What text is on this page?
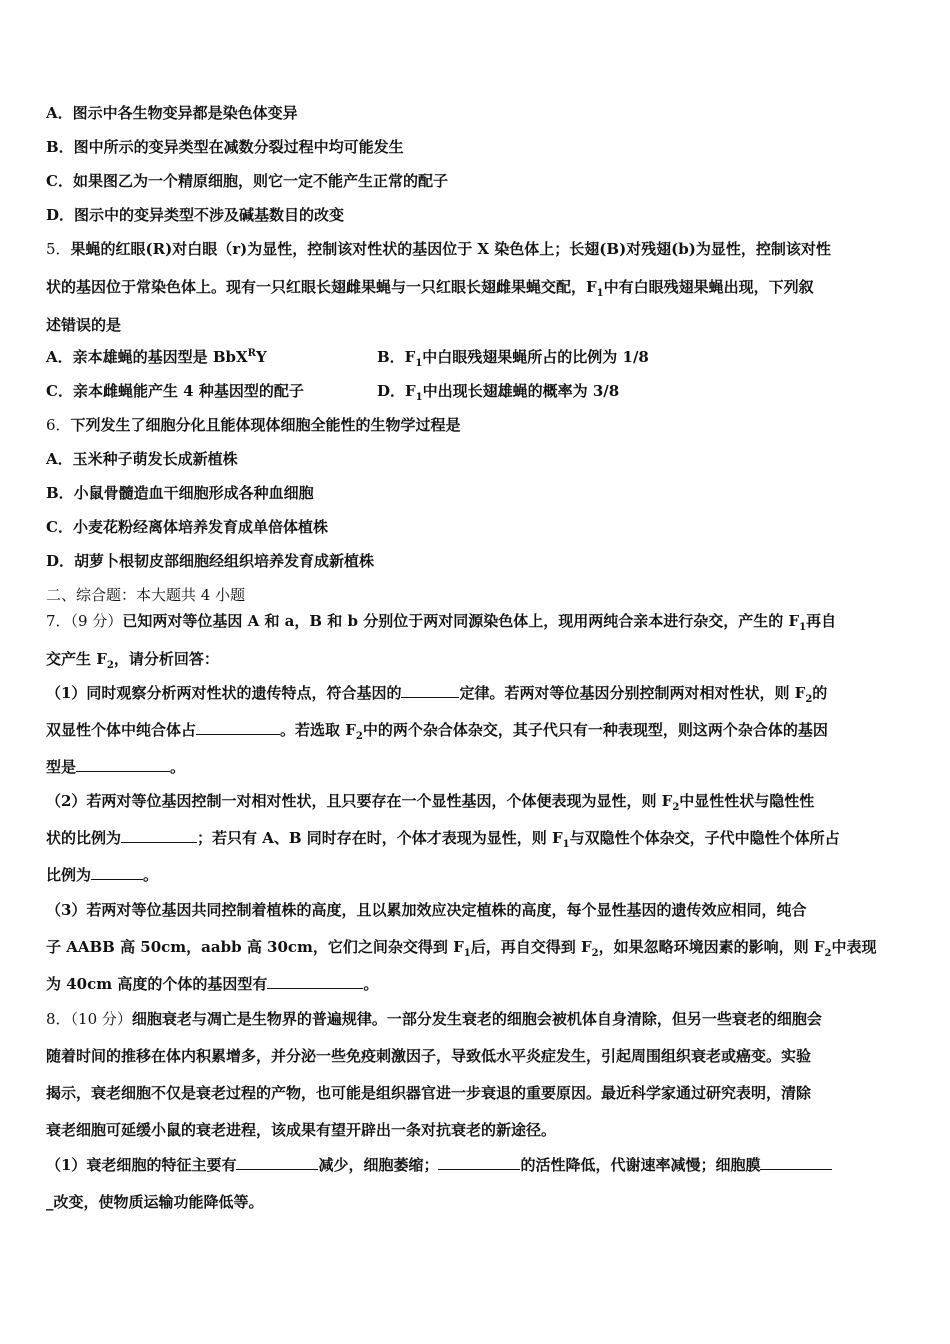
A．图示中各生物变异都是染色体变异
B．图中所示的变异类型在减数分裂过程中均可能发生
C．如果图乙为一个精原细胞，则它一定不能产生正常的配子
D．图示中的变异类型不涉及碱基数目的改变
5．果蝇的红眼(R)对白眼（r)为显性，控制该对性状的基因位于 X 染色体上；长翅(B)对残翅(b)为显性，控制该对性
状的基因位于常染色体上。现有一只红眼长翅雌果蝇与一只红眼长翅雌果蝇交配，$F_1$中有白眼残翅果蝇出现，下列叙
述错误的是
A．亲本雄蝇的基因型是 BbX$^R$Y	B．$F_1$中白眼残翅果蝇所占的比例为 1/8
C．亲本雌蝇能产生 4 种基因型的配子	D．$F_1$中出现长翅雄蝇的概率为 3/8
6．下列发生了细胞分化且能体现体细胞全能性的生物学过程是
A．玉米种子萌发长成新植株
B．小鼠骨髓造血干细胞形成各种血细胞
C．小麦花粉经离体培养发育成单倍体植株
D．胡萝卜根韧皮部细胞经组织培养发育成新植株
二、综合题：本大题共 4 小题
7．（9 分）已知两对等位基因 A 和 a，B 和 b 分别位于两对同源染色体上，现用两纯合亲本进行杂交，产生的 $F_1$再自
交产生 $F_2$，请分析回答：
（1）同时观察分析两对性状的遗传特点，符合基因的	定律。若两对等位基因分别控制两对相对性状，则 $F_2$的
双显性个体中纯合体占	。若选取 $F_2$中的两个杂合体杂交，其子代只有一种表现型，则这两个杂合体的基因
型是	。
（2）若两对等位基因控制一对相对性状，且只要存在一个显性基因，个体便表现为显性，则 $F_2$中显性性状与隐性性
状的比例为	；若只有 A、B 同时存在时，个体才表现为显性，则 $F_1$与双隐性个体杂交，子代中隐性个体所占
比例为	。
（3）若两对等位基因共同控制着植株的高度，且以累加效应决定植株的高度，每个显性基因的遗传效应相同，纯合
子 AABB 高 50cm，aabb 高 30cm，它们之间杂交得到 $F_1$后，再自交得到 $F_2$，如果忽略环境因素的影响，则 $F_2$中表现
为 40cm 高度的个体的基因型有	。
8．（10 分）细胞衰老与凋亡是生物界的普遍规律。一部分发生衰老的细胞会被机体自身清除，但另一些衰老的细胞会
随着时间的推移在体内积累增多，并分泌一些免疫刺激因子，导致低水平炎症发生，引起周围组织衰老或癌变。实验
揭示，衰老细胞不仅是衰老过程的产物，也可能是组织器官进一步衰退的重要原因。最近科学家通过研究表明，清除
衰老细胞可延缓小鼠的衰老进程，该成果有望开辟出一条对抗衰老的新途径。
（1）衰老细胞的特征主要有	减少，细胞萎缩；	的活性降低，代谢速率减慢；细胞膜
_改变，使物质运输功能降低等。
